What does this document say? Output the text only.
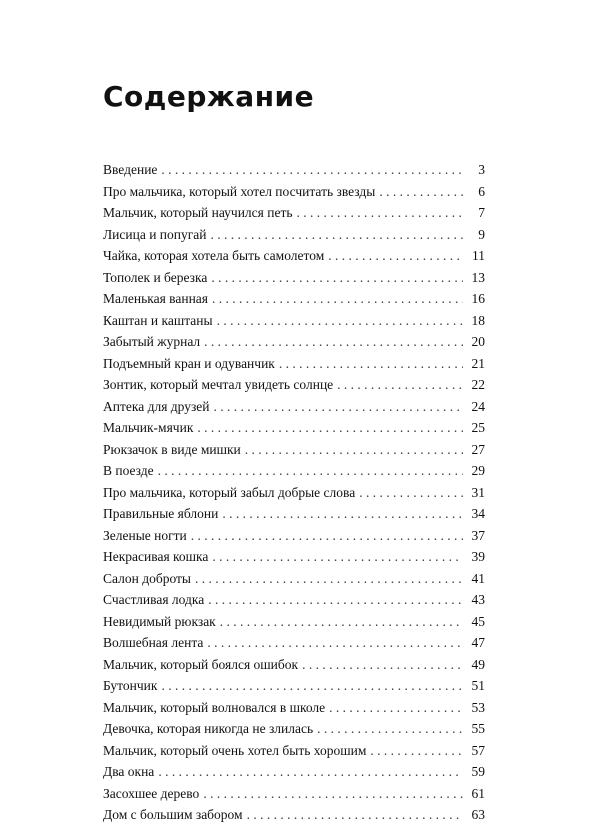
Содержание
Введение . . .	3
Про мальчика, который хотел посчитать звезды . . .	6
Мальчик, который научился петь . . .	7
Лисица и попугай . . .	9
Чайка, которая хотела быть самолетом . . .	11
Тополек и березка . . .	13
Маленькая ванная . . .	16
Каштан и каштаны . . .	18
Забытый журнал . . .	20
Подъемный кран и одуванчик . . .	21
Зонтик, который мечтал увидеть солнце . . .	22
Аптека для друзей . . .	24
Мальчик-мячик . . .	25
Рюкзачок в виде мишки . . .	27
В поезде . . .	29
Про мальчика, который забыл добрые слова . . .	31
Правильные яблони . . .	34
Зеленые ногти . . .	37
Некрасивая кошка . . .	39
Салон доброты . . .	41
Счастливая лодка . . .	43
Невидимый рюкзак . . .	45
Волшебная лента . . .	47
Мальчик, который боялся ошибок . . .	49
Бутончик . . .	51
Мальчик, который волновался в школе . . .	53
Девочка, которая никогда не злилась . . .	55
Мальчик, который очень хотел быть хорошим . . .	57
Два окна . . .	59
Засохшее дерево . . .	61
Дом с большим забором . . .	63
